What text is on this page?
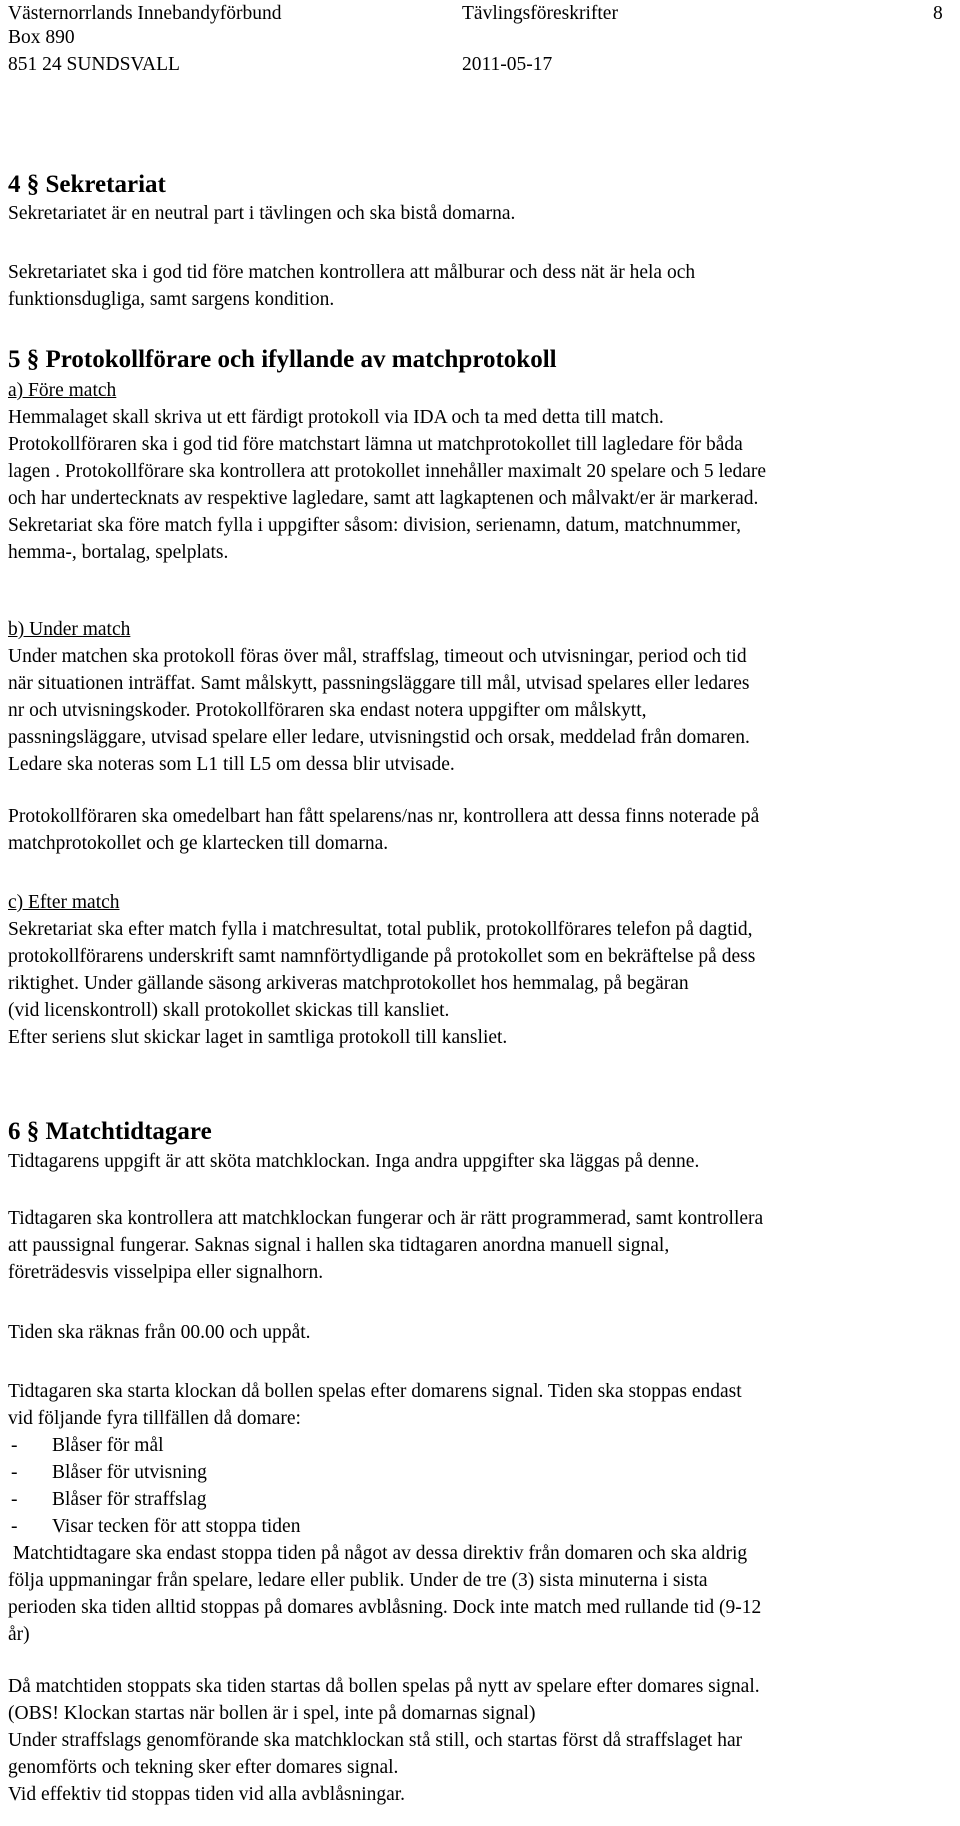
Västernorrlands Innebandyförbund	Tävlingsföreskrifter	8
Box 890
851 24 SUNDSVALL	2011-05-17
4 § Sekretariat

Sekretariatet är en neutral part i tävlingen och ska bistå domarna.

Sekretariatet ska i god tid före matchen kontrollera att målburar och dess nät är hela och

funktionsdugliga, samt sargens kondition.

5 § Protokollförare och ifyllande av matchprotokoll

a) Före match

Hemmalaget skall skriva ut ett färdigt protokoll via IDA och ta med detta till match.

Protokollföraren ska i god tid före matchstart lämna ut matchprotokollet till lagledare för båda

lagen . Protokollförare ska kontrollera att protokollet innehåller maximalt 20 spelare och 5 ledare

och har undertecknats av respektive lagledare, samt att lagkaptenen och målvakt/er är markerad.

Sekretariat ska före match fylla i uppgifter såsom: division, serienamn, datum, matchnummer,

hemma-, bortalag, spelplats.

b) Under match

Under matchen ska protokoll föras över mål, straffslag, timeout och utvisningar, period och tid

när situationen inträffat. Samt målskytt, passningsläggare till mål, utvisad spelares eller ledares

nr och utvisningskoder. Protokollföraren ska endast notera uppgifter om målskytt,

passningsläggare, utvisad spelare eller ledare, utvisningstid och orsak, meddelad från domaren.

Ledare ska noteras som L1 till L5 om dessa blir utvisade.

Protokollföraren ska omedelbart han fått spelarens/nas nr, kontrollera att dessa finns noterade på

matchprotokollet och ge klartecken till domarna.

c) Efter match

Sekretariat ska efter match fylla i matchresultat, total publik, protokollförares telefon på dagtid,

protokollförarens underskrift samt namnförtydligande på protokollet som en bekräftelse på dess

riktighet. Under gällande säsong arkiveras matchprotokollet hos hemmalag, på begäran

(vid licenskontroll) skall protokollet skickas till kansliet.

Efter seriens slut skickar laget in samtliga protokoll till kansliet.

6 § Matchtidtagare

Tidtagarens uppgift är att sköta matchklockan. Inga andra uppgifter ska läggas på denne.

Tidtagaren ska kontrollera att matchklockan fungerar och är rätt programmerad, samt kontrollera

att paussignal fungerar. Saknas signal i hallen ska tidtagaren anordna manuell signal,

företrädesvis visselpipa eller signalhorn.

Tiden ska räknas från 00.00 och uppåt.

Tidtagaren ska starta klockan då bollen spelas efter domarens signal. Tiden ska stoppas endast

vid följande fyra tillfällen då domare:

- Blåser för mål
- Blåser för utvisning
- Blåser för straffslag
- Visar tecken för att stoppa tiden

Matchtidtagare ska endast stoppa tiden på något av dessa direktiv från domaren och ska aldrig

följa uppmaningar från spelare, ledare eller publik. Under de tre (3) sista minuterna i sista

perioden ska tiden alltid stoppas på domares avblåsning. Dock inte match med rullande tid (9-12

år)

Då matchtiden stoppats ska tiden startas då bollen spelas på nytt av spelare efter domares signal.

(OBS! Klockan startas när bollen är i spel, inte på domarnas signal)

Under straffslags genomförande ska matchklockan stå still, och startas först då straffslaget har

genomförts och tekning sker efter domares signal.

Vid effektiv tid stoppas tiden vid alla avblåsningar.
